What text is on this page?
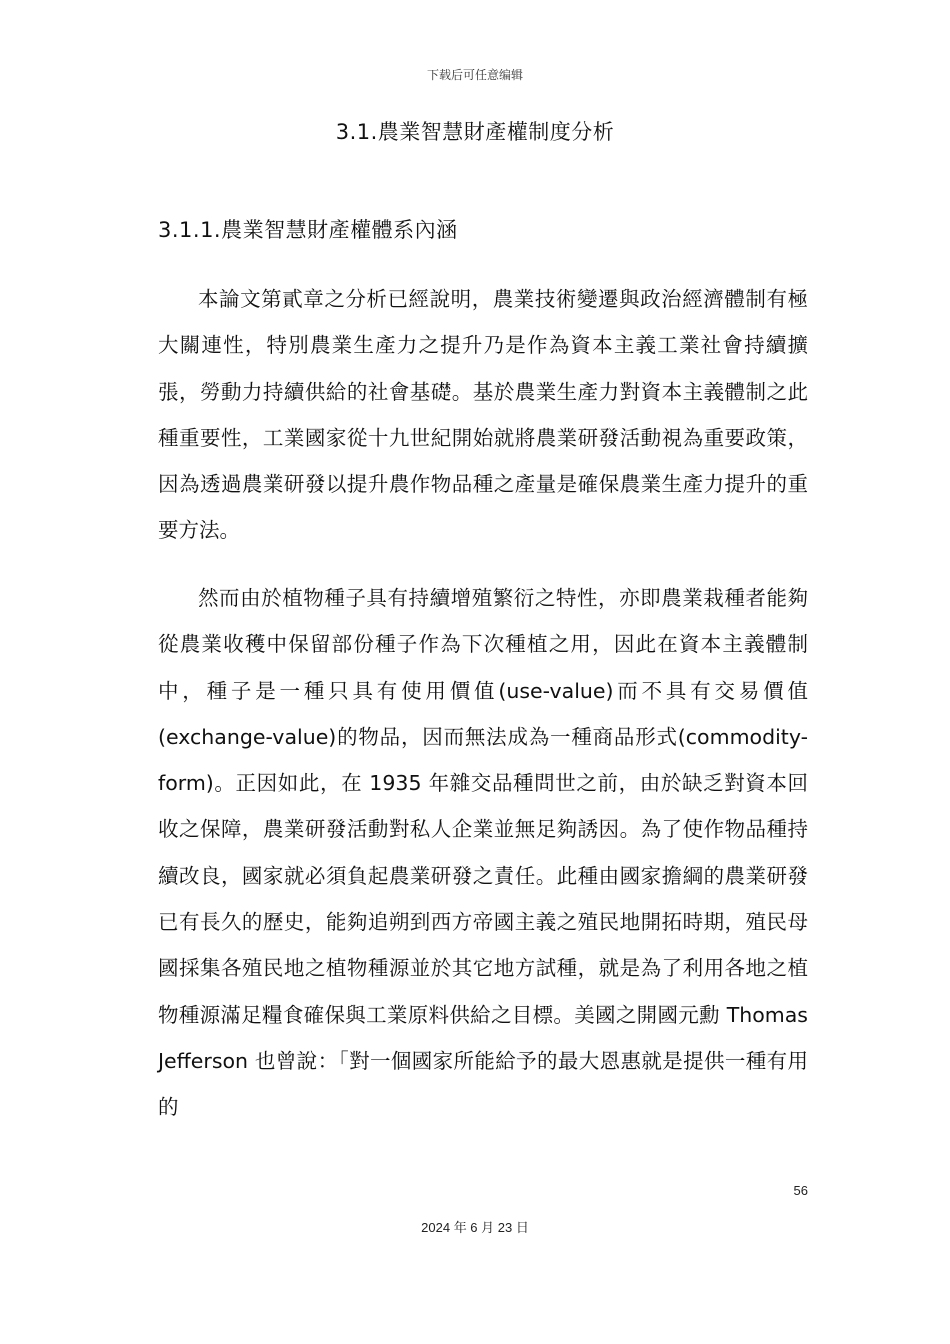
下载后可任意编辑
3.1.農業智慧財產權制度分析
3.1.1.農業智慧財產權體系內涵

本論文第貳章之分析已經說明，農業技術變遷與政治經濟體制有極大關連性，特別農業生產力之提升乃是作為資本主義工業社會持續擴張，勞動力持續供給的社會基礎。基於農業生產力對資本主義體制之此種重要性，工業國家從十九世紀開始就將農業研發活動視為重要政策，因為透過農業研發以提升農作物品種之產量是確保農業生產力提升的重要方法。

然而由於植物種子具有持續增殖繁衍之特性，亦即農業栽種者能夠從農業收穫中保留部份種子作為下次種植之用，因此在資本主義體制中，種子是一種只具有使用價值(use-value)而不具有交易價值(exchange-value)的物品，因而無法成為一種商品形式(commodity-form)。正因如此，在 1935 年雜交品種問世之前，由於缺乏對資本回收之保障，農業研發活動對私人企業並無足夠誘因。為了使作物品種持續改良，國家就必須負起農業研發之責任。此種由國家擔綱的農業研發已有長久的歷史，能夠追朔到西方帝國主義之殖民地開拓時期，殖民母國採集各殖民地之植物種源並於其它地方試種，就是為了利用各地之植物種源滿足糧食確保與工業原料供給之目標。美國之開國元勳 Thomas Jefferson 也曾說：「對一個國家所能給予的最大恩惠就是提供一種有用的

56
2024 年 6 月 23 日
